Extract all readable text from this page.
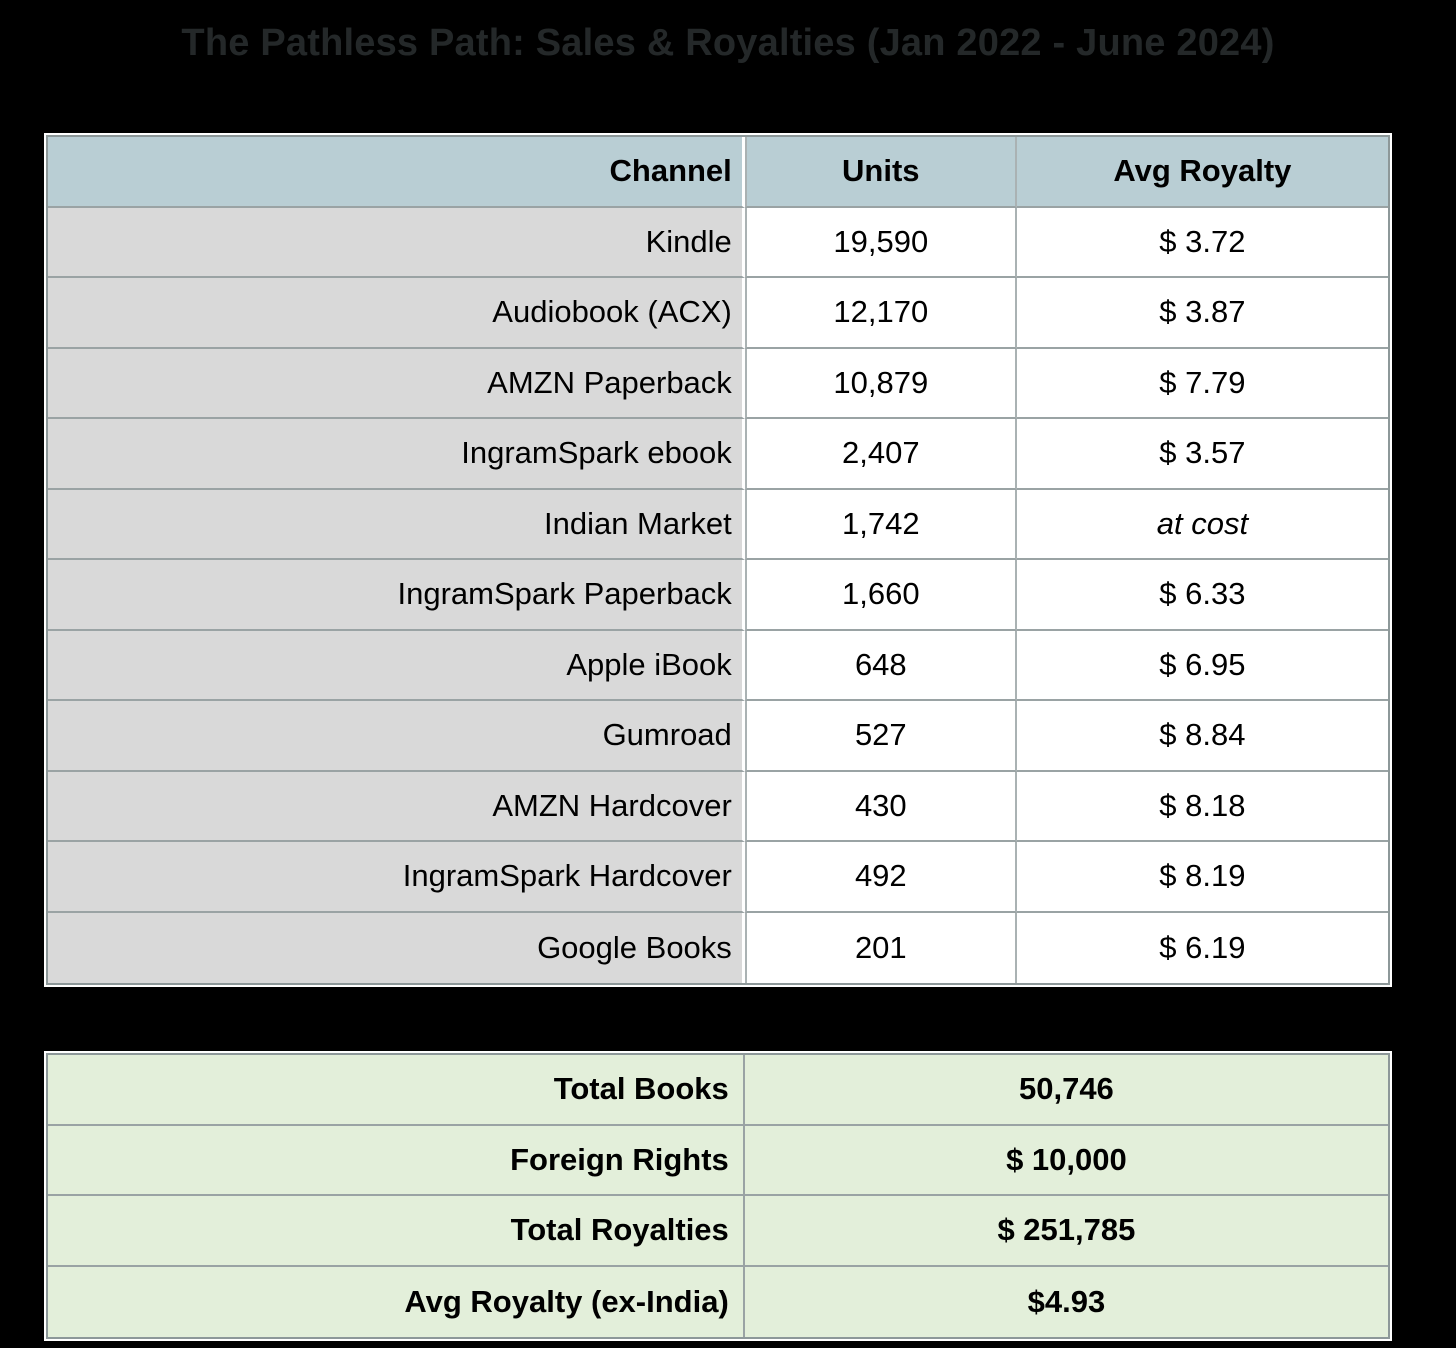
The Pathless Path: Sales & Royalties (Jan 2022 - June 2024)
Channel	Units	Avg Royalty
Kindle	19,590	$ 3.72
Audiobook (ACX)	12,170	$ 3.87
AMZN Paperback	10,879	$ 7.79
IngramSpark ebook	2,407	$ 3.57
Indian Market	1,742	at cost
IngramSpark Paperback	1,660	$ 6.33
Apple iBook	648	$ 6.95
Gumroad	527	$ 8.84
AMZN Hardcover	430	$ 8.18
IngramSpark Hardcover	492	$ 8.19
Google Books	201	$ 6.19
Total Books	50,746
Foreign Rights	$ 10,000
Total Royalties	$ 251,785
Avg Royalty (ex-India)	$4.93
